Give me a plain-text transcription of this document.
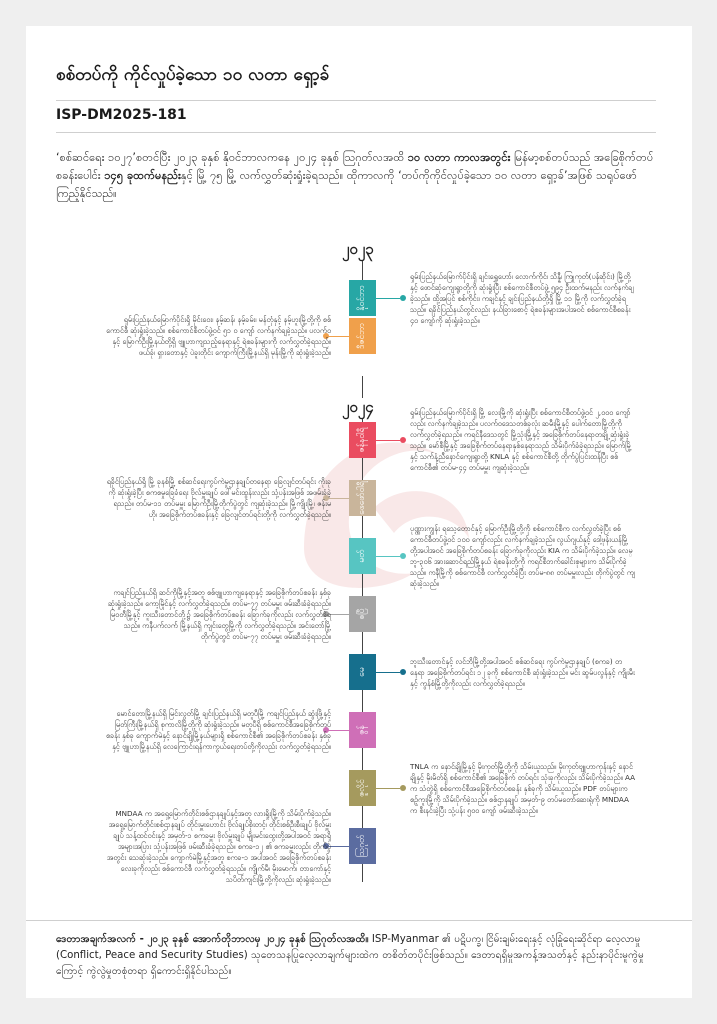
စစ်တပ်ကို ကိုင်လှုပ်ခဲ့သော ၁၀ လတာ ရှော့ခ်
ISP-DM2025-181
‘စစ်ဆင်ရေး ၁၀၂၇’စတင်ပြီး ၂၀၂၃ ခုနှစ် နိုဝင်ဘာလကနေ ၂၀၂၄ ခုနှစ် ဩဂုတ်လအထိ ၁၀ လတာ ကာလအတွင်း မြန်မာ့စစ်တပ်သည် အခြေစိုက်တပ်စခန်းပေါင်း ၁၄၅ ခုထက်မနည်းနှင့် မြို့ ၇၅ မြို့ လက်လွှတ်ဆုံးရှုံးခဲ့ရသည်။ ထိုကာလကို ‘တပ်ကိုကိုင်လှုပ်ခဲ့သော ၁၀ လတာ ရှော့ခ်’အဖြစ် သရုပ်ဖော်ကြည့်နိုင်သည်။
၂၀၂၃
၂၀၂၄
နိုဝင်ဘာ
ဒီဇင်ဘာ
ဇန်နဝါရီ
ဖေဖော်ဝါရီ
မတ်
ဧပြီ
မေ
ဇွန်
ဇူလိုင်
ဩဂုတ်
ရှမ်းပြည်နယ်မြောက်ပိုင်းရှိ ချင်းရွှေဟော်၊ လောက်ကိုင်၊ သိန္နီ၊ ကြူကုတ်(ပန်ဆိုင်း) မြို့တို့နှင့် ဖောင်ဆုံကျေးရွာတို့ကို ဆုံးရှုံးပြီး စစ်ကောင်စီတပ်ဖွဲ့ ၅၉၄ ဦးထက်မနည်း လက်နက်ချခဲ့သည်။ ထို့အပြင် စစ်ကိုင်း၊ ကချင်နှင့် ချင်းပြည်နယ်တို့ရှိ မြို့ ၁၁ မြို့ကို လက်လွှတ်ခဲ့ရသည်။ ရခိုင်ပြည်နယ်တွင်လည်း နယ်ခြားစောင့် ရဲစခန်းများအပါအဝင် စစ်ကောင်စီစခန်း ၄၀ ကျော်ကို ဆုံးရှုံးခဲ့သည်။
ရှမ်းပြည်နယ်မြောက်ပိုင်းရှိ မိုင်းဝေး၊ နမ့်ဆန်၊ နမ့်ခမ်း၊ မန်တုံနှင့် နမ့်ဟူးမြို့တို့ကို စစ်ကောင်စီ ဆုံးရှုံးခဲ့သည်။ စစ်ကောင်စီတပ်ဖွဲ့ဝင် ၅၁ ဝ ကျော် လက်နက်ချခဲ့သည်။ ပလက်ဝနှင့် မြောက်ဦးမြို့နယ်တို့ရှိ ဗျူဟာကျသည့်နေရာနှင့် ရဲစခန်းများကို လက်လွှတ်ခဲ့ရသည်။ ဖယ်ခုံ၊ ရှားတောနှင့် ပဲခူးတိုင်း ကျောက်ကြီးမြို့နယ်ရှိ မုန်းမြို့ကို ဆုံးရှုံးခဲ့သည်။
ရှမ်းပြည်နယ်မြောက်ပိုင်းရှိ မြို့ လေးမြို့ကို ဆုံးရှုံးပြီး စစ်ကောင်စီတပ်ဖွဲ့ဝင် ၂,၀၀၀ ကျော်လည်း လက်နက်ချခဲ့သည်။ ပလက်ဝဒေသတစ်ခုလုံး ဆမီးမြို့နှင့် ပေါက်တောမြို့တို့ကို လက်လွှတ်ခဲ့ရသည်။ ကရင်နီဒေသတွင် မြို့သုံးမြို့နှင့် အခြေစိုက်တပ်နေရာတချို့ ဆုံးရှုံးခဲ့သည်။ မော်စီမြို့နှင့် အခြေစိုက်တပ်နေရာနှစ်နေရာသည် သိမ်းပိုက်ခံခဲ့ရသည်။ မြောက်မြို့နှင့် သက်နံ့ညီနောင်ကျေးရွာတို့ KNLA နှင့် စစ်ကောင်စီတို့ တိုက်ပွဲပြင်းထန်ပြီး စစ်ကောင်စီ၏ တပ်မ-၄၄ တပ်မမှူး ကျဆုံးခဲ့သည်။
ရခိုင်ပြည်နယ်ရှိ မြို့ ခုနစ်မြို့ စစ်ဆင်ရေးကွပ်ကဲမှုဌာနချုပ်တနေရာ ခြေလျင်တပ်ရင်း ကိုးခုကို ဆုံးရှုံးခဲ့ပြီး စကစမှုခြေခံရေး ဗိုလ်မှူးချုပ် ဖေါ်မင်းထွန်းလည်း သုံ့ပန်းအဖြစ် အဖမ်းခံခဲ့ရသည်။ တပ်မ-၁၁ တပ်မမှူး မြောက်ဦးမြို့တိုက်ပွဲတွင် ကျဆုံးခဲ့သည်။ မြို့ကျိုးမြို့၊ ဇန်းမဟို၊ အခြေစိုက်တပ်စခန်းနှင့် ခြေလျင်တပ်ရင်းတို့ကို လက်လွှတ်ခဲ့ရသည်။
ပုဏ္ဏားကျွန်း ရသေ့တောင်နှင့် မြောက်ဦးမြို့တို့ကို စစ်ကောင်စီက လက်လွှတ်ခဲ့ပြီး စစ်ကောင်စီတပ်ဖွဲ့ဝင် ၁၀၀ ကျော်လည်း လက်နက်ချခဲ့သည်။ လွယ်ဂျယ်နှင့် ဒေါ့ဖုန်းယန်မြို့တို့အပါအဝင် အခြေစိုက်တပ်စခန်း ခြောက်ခုကိုလည်း KIA က သိမ်းပိုက်ခဲ့သည်။ လေမ္ဘူ-၃၀၆ အားဆောင်ရည်မြို့နယ် ရဲစခန်းတို့ကို ကရင်စီဘက်ခေါင်းစုများက သိမ်းပိုက်ခဲ့သည်။ ကနီမြို့ကို စစ်ကောင်စီ လက်လွှတ်ခဲ့ပြီး တပ်မ-၈၈ တပ်မမှူးလည်း တိုက်ပွဲတွင် ကျဆုံးခဲ့သည်။
ကချင်ပြည်နယ်ရှိ ဆင်ကိုမြို့နှင့်အတူ စစ်ဗျူဟာကျနေရာနှင့် အခြေစိုက်တပ်စခန်း နှစ်ခု ဆုံးရှုံးခဲ့သည်။ ကော့မြိုင်နှင့် လက်လွှတ်ခဲ့ရသည်။ တပ်မ-၇၇ တပ်မမှူး ဖမ်းဆီးခံခဲ့ရသည်။ မြဝတီမြို့နှင့် ကူးသီးတောင်တို့၌ အခြေစိုက်တပ်စခန်း ခြောက်ခုကိုလည်း လက်လွှတ်ခဲ့ရသည်။ ကနီပက်လက် မြို့နယ်ရှိ ကျင်းတွေမြို့ကို လက်လွှတ်ခဲ့ရသည်။ အင်းတော်မြို့တိုက်ပွဲတွင် တပ်မ-၇၇ တပ်မမှူး ဖမ်းဆီးခံခဲ့ရသည်။
ဘူးသီးတောင်နှင့် လင်ဘိမြို့တို့အပါအဝင် စစ်ဆင်ရေး ကွပ်ကဲမှုဌာနချုပ် (စကခ) တနေရာ အခြေစိုက်တပ်ရင်း ၁၂ ခုကို စစ်ကောင်စီ ဆုံးရှုံးခဲ့သည်။ မင်း ဆွမ်ပလွန်နှင့် ကျိုးမီးနှင့် ကွန်စံမြို့တို့ကိုလည်း လက်လွှတ်ခဲ့ရသည်။
မောင်တောမြို့နယ်ရှိ မြင်းလွတ်မြို့ ချင်းပြည်နယ်ရှိ မတူပီမြို့ ကချင်ပြည်နယ် ဆွံးဖြို့နှင့် မြတ်ကြီးမြို့နယ်ရှိ စုကာလိမြို့တို့ကို ဆုံးရှုံးခဲ့သည်။ မတူပီရှိ စစ်ကောင်စီအခြေစိုက်တပ်စခန်း နှစ်ခု ကျောက်မဲနှင့် နောင်ချိုမြို့နယ်များရှိ စစ်ကောင်စီ၏ အခြေစိုက်တပ်စခန်း နှစ်ခုနှင့် ဗျူဟာမြို့နယ်ရှိ လေကြောင်းရန်ကာကွယ်ရေးတပ်တို့ကိုလည်း လက်လွှတ်ခဲ့ရသည်။
TNLA က နောင်ချိုမြို့နှင့် မိုးကုတ်မြို့တို့ကို သိမ်းယူသည်။ မိုးကုတ်ဗျူဟာကုန်းနှင့် နောင်ချိုနှင့် မိုးမိတ်ရှိ စစ်ကောင်စီ၏ အခြေစိုက် တပ်ရင်း သုံးခုကိုလည်း သိမ်းပိုက်ခဲ့သည်။ AA က သံတွဲရှိ စစ်ကောင်စီအခြေစိုက်တပ်စခန်း နှစ်ခုကို သိမ်းယူသည်။ PDF တပ်များက စဉ့်ကူးမြို့ကို သိမ်းပိုက်ခဲ့သည်။ စစ်ဌာနချုပ် အမှတ်-၉ တပ်မတော်ဆေးရုံကို MNDAA က စီးနင်းခဲ့ပြီး သုံ့ပန်း ၅၀၀ ကျော် ဖမ်းဆီးခဲ့သည်။
MNDAA က အရှေ့မြောက်တိုင်းစစ်ဌာနချုပ်နှင့်အတူ လားရှိုးမြို့ကို သိမ်းပိုက်ခဲ့သည်။ အရှေ့မြောက်တိုင်းစစ်ဌာနချုပ် တိုင်းမှူးဟောင်း ဗိုလ်ချုပ်စိုးတင့်၊ တိုင်းစစ်ဦးစီးချုပ် ဗိုလ်မှူးချုပ် သန့်ထင်ဝင်းနှင့် အမှတ်-၁ စကခမှူး ဗိုလ်မှူးချုပ် မျိုးမင်းထွေးတို့အပါအဝင် အရာရှိအများအပြား သုံ့ပန်းအဖြစ် ဖမ်းဆီးခံခဲ့ရသည်။ စကခ-၁၂ ၏ စကခမှူးလည်း တိုက်ပွဲအတွင်း သေဆုံးခဲ့သည်။ ကျောက်မဲမြို့နှင့်အတူ စကခ-၁ အပါအဝင် အခြေစိုက်တပ်စခန်း လေးခုကိုလည်း စစ်ကောင်စီ လက်လွှတ်ခဲ့ရသည်။ ကျိုက်မီ၊ မိုးမောက်၊ တာကော်နှင့် သပိတ်ကျင်းမြို့တို့ကိုလည်း ဆုံးရှုံးခဲ့သည်။
ဒေတာအချက်အလက် - ၂၀၂၃ ခုနှစ် အောက်တိုဘာလမှ ၂၀၂၄ ခုနှစ် ဩဂုတ်လအထိ။ ISP-Myanmar ၏ ပဋိပက္ခ၊ ငြိမ်းချမ်းရေးနှင့် လုံခြုံရေးဆိုင်ရာ လေ့လာမှု (Conflict, Peace and Security Studies) သုတေသနပြုလေ့လာချက်များထဲက တစိတ်တပိုင်းဖြစ်သည်။ ဒေတာရရှိမှုအကန့်အသတ်နှင့် နည်းနာပိုင်းမူကွဲမှုကြောင့် ကွဲလွဲမှုတစုံတရာ ရှိကောင်းရှိနိုင်ပါသည်။
